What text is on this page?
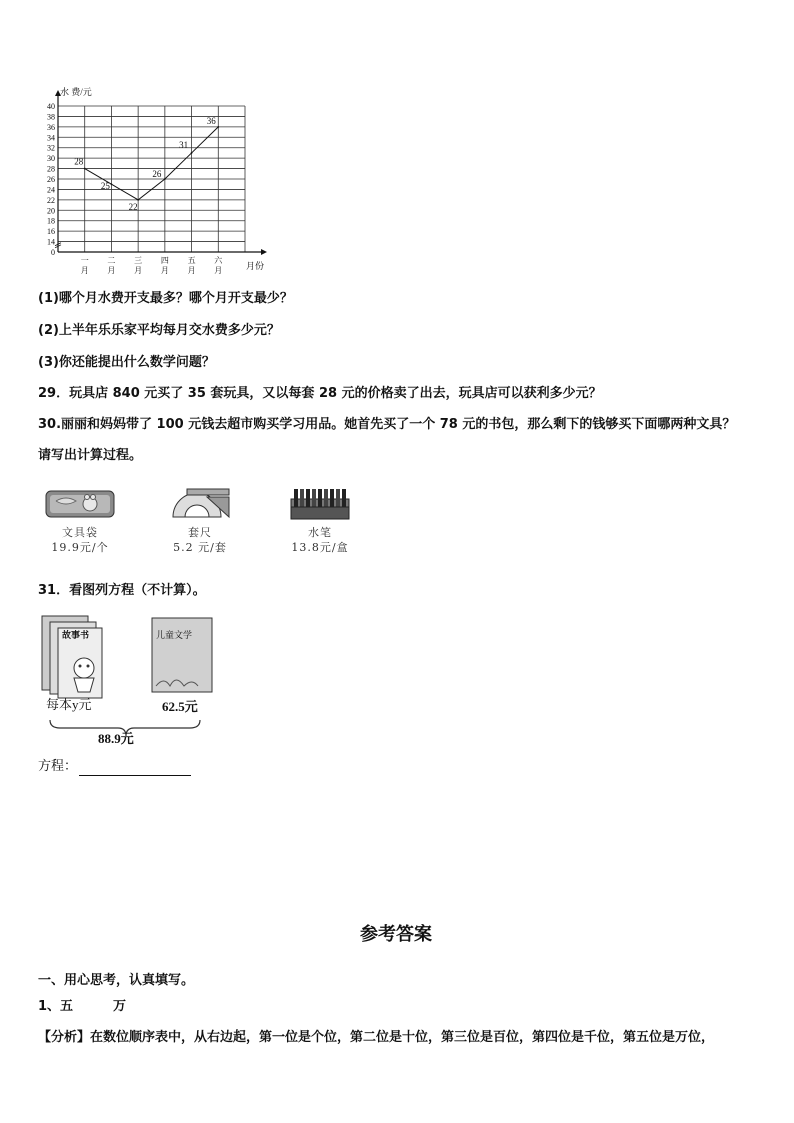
0
14
16
18
20
22
24
26
28
30
32
34
36
38
40
一
月
二
月
三
月
四
月
五
月
六
月
28
25
22
26
31
36
水 费/元
月份
(1)哪个月水费开支最多？哪个月开支最少？
(2)上半年乐乐家平均每月交水费多少元？
(3)你还能提出什么数学问题？
29．玩具店 840 元买了 35 套玩具，又以每套 28 元的价格卖了出去，玩具店可以获利多少元？
30.丽丽和妈妈带了 100 元钱去超市购买学习用品。她首先买了一个 78 元的书包，那么剩下的钱够买下面哪两种文具？
请写出计算过程。
文具袋
19.9元/个
套尺
5.2 元/套
水笔
13.8元/盒
31．看图列方程（不计算）。
故事书	儿童文学
每本y元	62.5元
88.9元
方程：
参考答案
一、用心思考，认真填写。
1、五	万
【分析】在数位顺序表中，从右边起，第一位是个位，第二位是十位，第三位是百位，第四位是千位，第五位是万位，
